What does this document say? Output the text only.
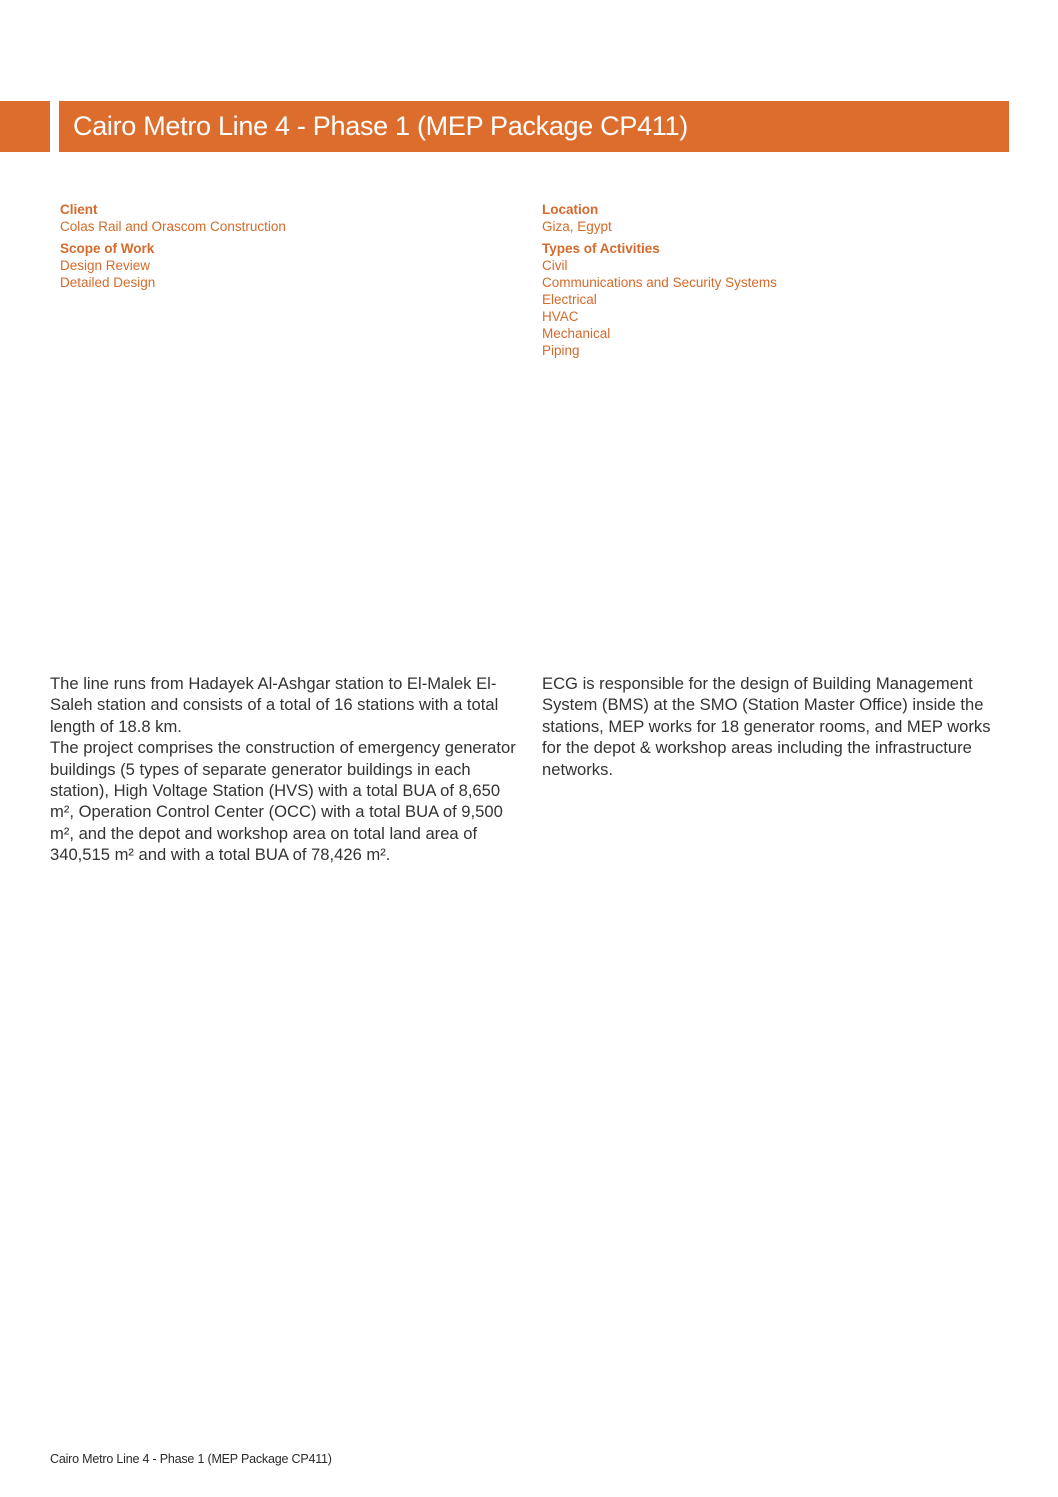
Cairo Metro Line 4 - Phase 1 (MEP Package CP411)
Client
Colas Rail and Orascom Construction
Scope of Work
Design Review
Detailed Design
Location
Giza, Egypt
Types of Activities
Civil
Communications and Security Systems
Electrical
HVAC
Mechanical
Piping

The line runs from Hadayek Al-Ashgar station to El-Malek El-Saleh station and consists of a total of 16 stations with a total length of 18.8 km.

The project comprises the construction of emergency generator buildings (5 types of separate generator buildings in each station), High Voltage Station (HVS) with a total BUA of 8,650 m², Operation Control Center (OCC) with a total BUA of 9,500 m², and the depot and workshop area on total land area of 340,515 m² and with a total BUA of 78,426 m².

ECG is responsible for the design of Building Management System (BMS) at the SMO (Station Master Office) inside the stations, MEP works for 18 generator rooms, and MEP works for the depot & workshop areas including the infrastructure networks.

Cairo Metro Line 4 - Phase 1 (MEP Package CP411)
